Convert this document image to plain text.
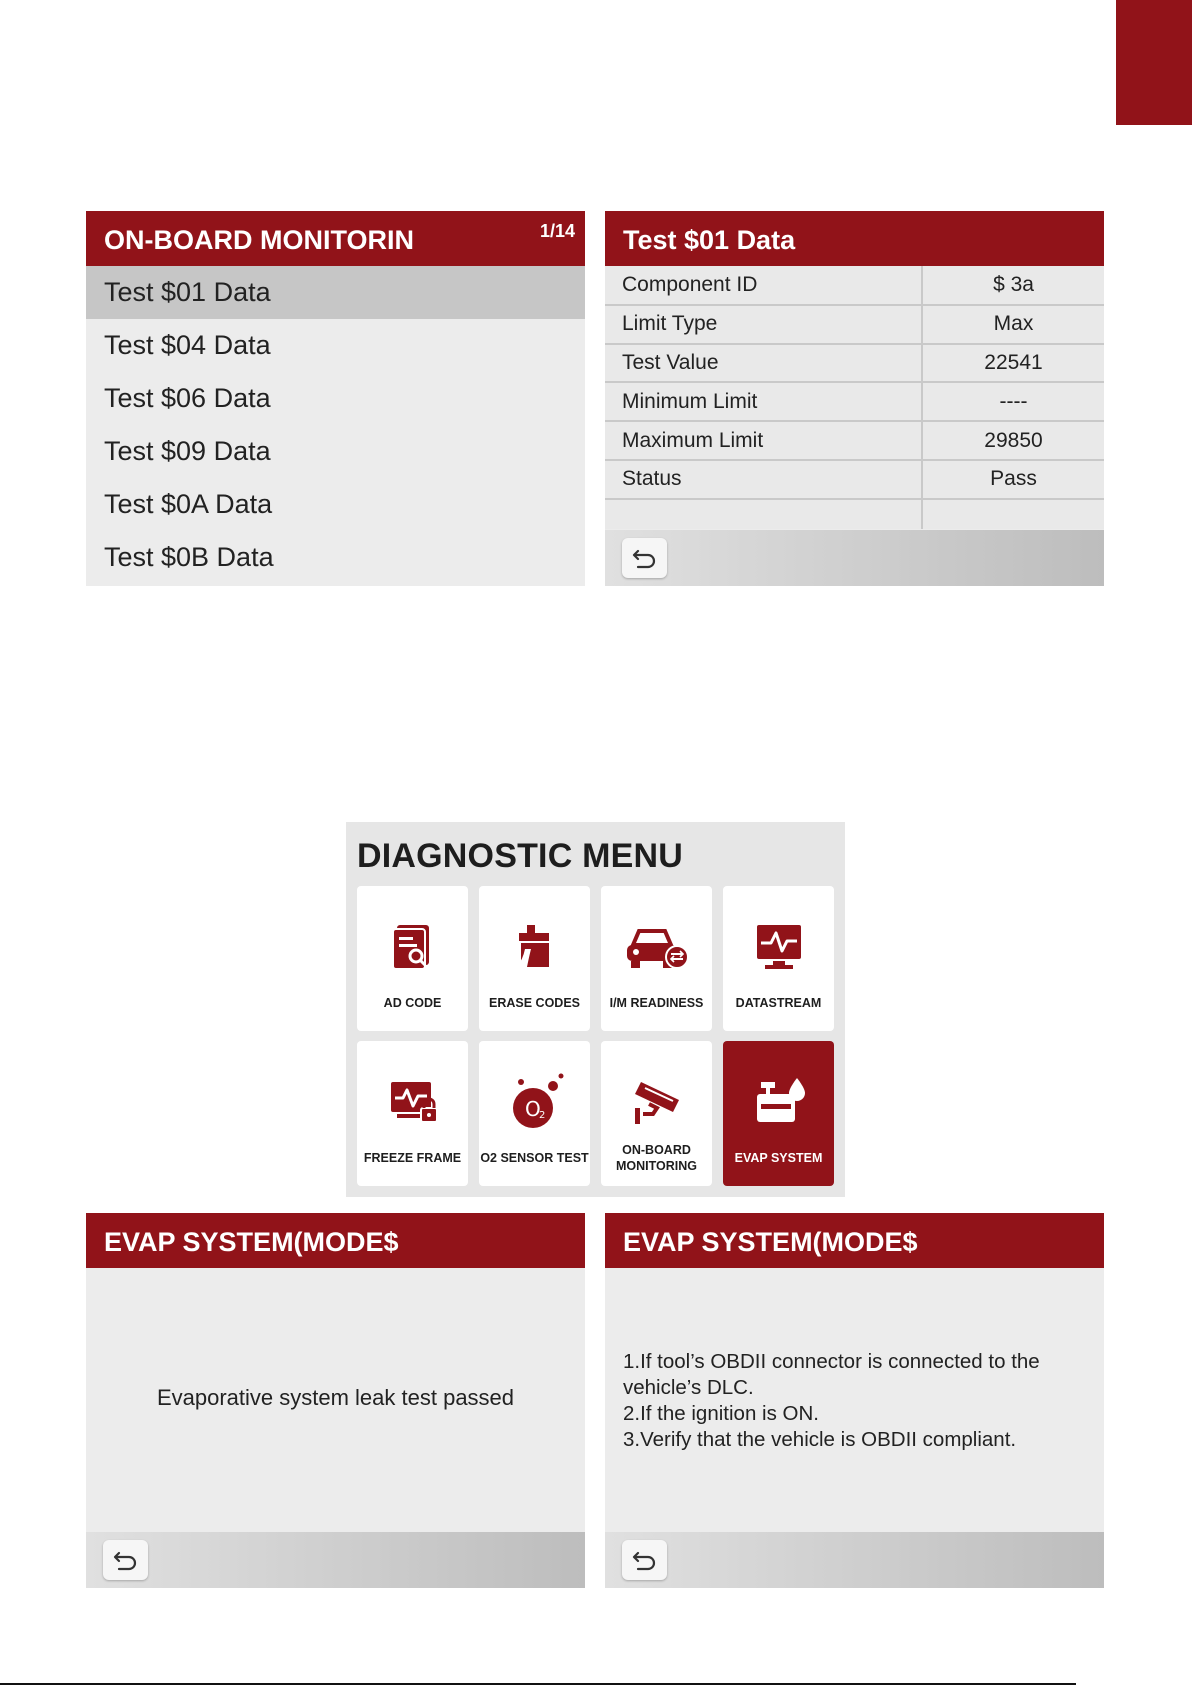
ON-BOARD MONITORIN	1/14
Test $01 Data
Test $04 Data
Test $06 Data
Test $09 Data
Test $0A Data
Test $0B Data
Test $01 Data
Component ID	$ 3a
Limit Type	Max
Test Value	22541
Minimum Limit	----
Maximum Limit	29850
Status	Pass

DIAGNOSTIC MENU
AD CODE	ERASE CODES	I/M READINESS	DATASTREAM
FREEZE FRAME
O
2
O2 SENSOR TEST
ON-BOARD
MONITORING
EVAP SYSTEM
EVAP SYSTEM(MODE$
Evaporative system leak test passed
EVAP SYSTEM(MODE$
1.If tool’s OBDII connector is connected to the vehicle’s DLC.
2.If the ignition is ON.
3.Verify that the vehicle is OBDII compliant.
